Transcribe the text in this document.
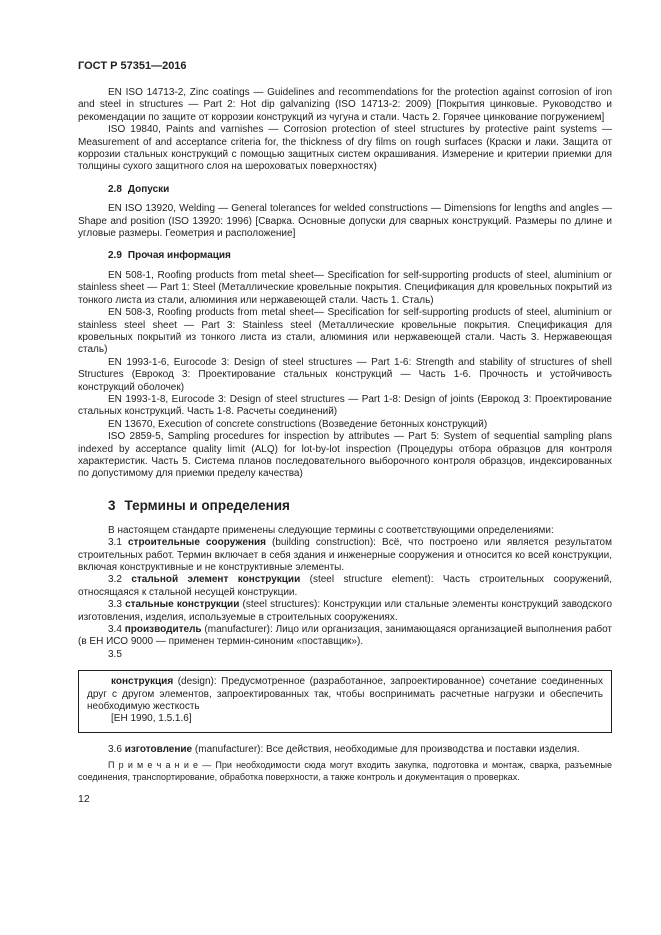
ГОСТ Р 57351—2016

EN ISO 14713-2, Zinc coatings — Guidelines and recommendations for the protection against corrosion of iron and steel in structures — Part 2: Hot dip galvanizing (ISO 14713-2: 2009) [Покрытия цинковые. Руководство и рекомендации по защите от коррозии конструкций из чугуна и стали. Часть 2. Горячее цинкование погружением]

ISO 19840, Paints and varnishes — Corrosion protection of steel structures by protective paint systems — Measurement of and acceptance criteria for, the thickness of dry films on rough surfaces (Краски и лаки. Защита от коррозии стальных конструкций с помощью защитных систем окрашивания. Измерение и критерии приемки для толщины сухого защитного слоя на шероховатых поверхностях)

2.8 Допуски

EN ISO 13920, Welding — General tolerances for welded constructions — Dimensions for lengths and angles — Shape and position (ISO 13920: 1996) [Сварка. Основные допуски для сварных конструкций. Размеры по длине и угловые размеры. Геометрия и расположение]

2.9 Прочая информация

EN 508-1, Roofing products from metal sheet— Specification for self-supporting products of steel, aluminium or stainless sheet — Part 1: Steel (Металлические кровельные покрытия. Спецификация для кровельных покрытий из тонкого листа из стали, алюминия или нержавеющей стали. Часть 1. Сталь)

EN 508-3, Roofing products from metal sheet— Specification for self-supporting products of steel, aluminium or stainless steel sheet — Part 3: Stainless steel (Металлические кровельные покрытия. Спецификация для кровельных покрытий из тонкого листа из стали, алюминия или нержавеющей стали. Часть 3. Нержавеющая сталь)

EN 1993-1-6, Eurocode 3: Design of steel structures — Part 1-6: Strength and stability of structures of shell Structures (Еврокод 3: Проектирование стальных конструкций — Часть 1-6. Прочность и устойчивость конструкций оболочек)

EN 1993-1-8, Eurocode 3: Design of steel structures — Part 1-8: Design of joints (Еврокод 3: Проектирование стальных конструкций. Часть 1-8. Расчеты соединений)

EN 13670, Execution of concrete constructions (Возведение бетонных конструкций)

ISO 2859-5, Sampling procedures for inspection by attributes — Part 5: System of sequential sampling plans indexed by acceptance quality limit (ALQ) for lot-by-lot inspection (Процедуры отбора образцов для контроля характеристик. Часть 5. Система планов последовательного выборочного контроля образцов, индексированных по допустимому для приемки пределу качества)

3 Термины и определения

В настоящем стандарте применены следующие термины с соответствующими определениями:

3.1 строительные сооружения (building construction): Всё, что построено или является результатом строительных работ. Термин включает в себя здания и инженерные сооружения и относится ко всей конструкции, включая конструктивные и не конструктивные элементы.

3.2 стальной элемент конструкции (steel structure element): Часть строительных сооружений, относящаяся к стальной несущей конструкции.

3.3 стальные конструкции (steel structures): Конструкции или стальные элементы конструкций заводского изготовления, изделия, используемые в строительных сооружениях.

3.4 производитель (manufacturer): Лицо или организация, занимающаяся организацией выполнения работ (в ЕН ИСО 9000 — применен термин-синоним «поставщик»).

3.5

конструкция (design): Предусмотренное (разработанное, запроектированное) сочетание соединенных друг с другом элементов, запроектированных так, чтобы воспринимать расчетные нагрузки и обеспечить необходимую жесткость

[ЕН 1990, 1.5.1.6]

3.6 изготовление (manufacturer): Все действия, необходимые для производства и поставки изделия.

П р и м е ч а н и е — При необходимости сюда могут входить закупка, подготовка и монтаж, сварка, разъемные соединения, транспортирование, обработка поверхности, а также контроль и документация о проверках.

12
